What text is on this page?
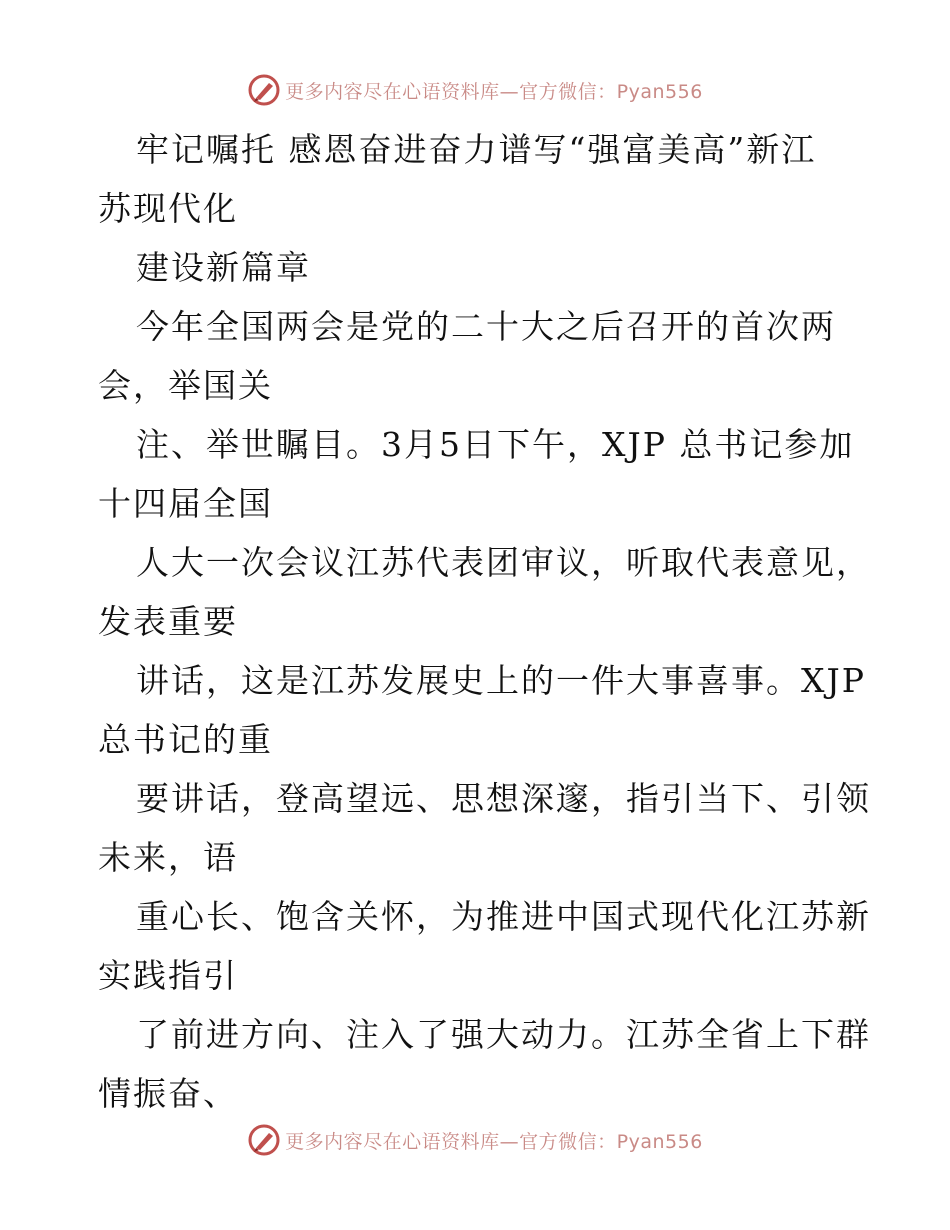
更多内容尽在心语资料库—官方微信：Pyan556
牢记嘱托 感恩奋进奋力谱写“强富美高”新江
苏现代化
建设新篇章
今年全国两会是党的二十大之后召开的首次两
会，举国关
注、举世瞩目。3月5日下午，XJP 总书记参加
十四届全国
人大一次会议江苏代表团审议，听取代表意见，
发表重要
讲话，这是江苏发展史上的一件大事喜事。XJP
总书记的重
要讲话，登高望远、思想深邃，指引当下、引领
未来，语
重心长、饱含关怀，为推进中国式现代化江苏新
实践指引
了前进方向、注入了强大动力。江苏全省上下群
情振奋、
更多内容尽在心语资料库—官方微信：Pyan556
